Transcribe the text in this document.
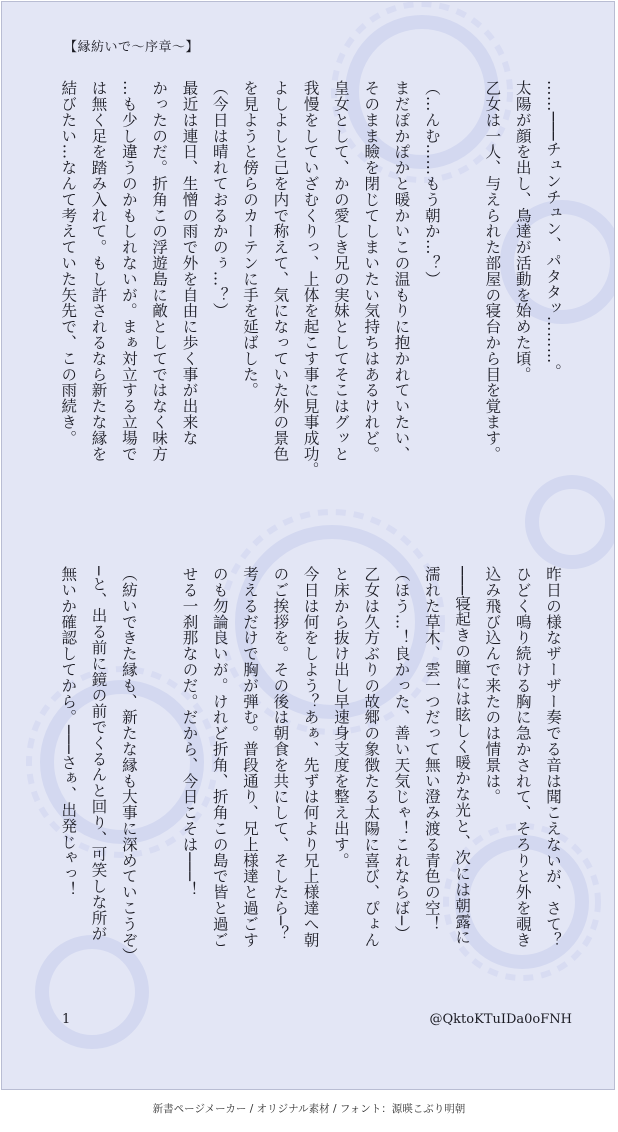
【縁紡いで～序章～】
……───チュンチュン、パタタッ………。
太陽が顔を出し、鳥達が活動を始めた頃。
乙女は一人、与えられた部屋の寝台から目を覚ます。

（…んむ……もう朝か…？）
まだぽかぽかと暖かいこの温もりに抱かれていたい、
そのまま瞼を閉じてしまいたい気持ちはあるけれど。
皇女として、かの愛しき兄の実妹としてそこはグッと
我慢をしていざむくりっ、上体を起こす事に見事成功。
よしよしと己を内で称えて、気になっていた外の景色
を見ようと傍らのカーテンに手を延ばした。
（今日は晴れておるかのぅ…？）
最近は連日、生憎の雨で外を自由に歩く事が出来な
かったのだ。折角この浮遊島に敵としてではなく味方
…も少し違うのかもしれないが。まぁ対立する立場で
は無く足を踏み入れて。もし許されるなら新たな縁を
結びたい…なんて考えていた矢先で、この雨続き。
昨日の様なザーザー奏でる音は聞こえないが、さて？
ひどく鳴り続ける胸に急かされて、そろりと外を覗き
込み飛び込んで来たのは情景は。
───寝起きの瞳には眩しく暖かな光と、次には朝露に
濡れた草木、雲一つだって無い澄み渡る青色の空！
（ほう…！良かった、善い天気じゃ！これならば─）
乙女は久方ぶりの故郷の象徴たる太陽に喜び、ぴょん
と床から抜け出し早速身支度を整え出す。
今日は何をしよう？あぁ、先ずは何より兄上様達へ朝
のご挨拶を。その後は朝食を共にして、そしたら─？
考えるだけで胸が弾む。普段通り、兄上様達と過ごす
のも勿論良いが。けれど折角、折角この島で皆と過ご
せる一刹那なのだ。だから、今日こそは───！

（紡いできた縁も、新たな縁も大事に深めていこうぞ）
─と、出る前に鏡の前でくるんと回り、可笑しな所が
無いか確認してから。───さぁ、出発じゃっ！
1	@QktoKTuIDa0oFNH
新書ページメーカー / オリジナル素材 / フォント：源暎こぶり明朝
